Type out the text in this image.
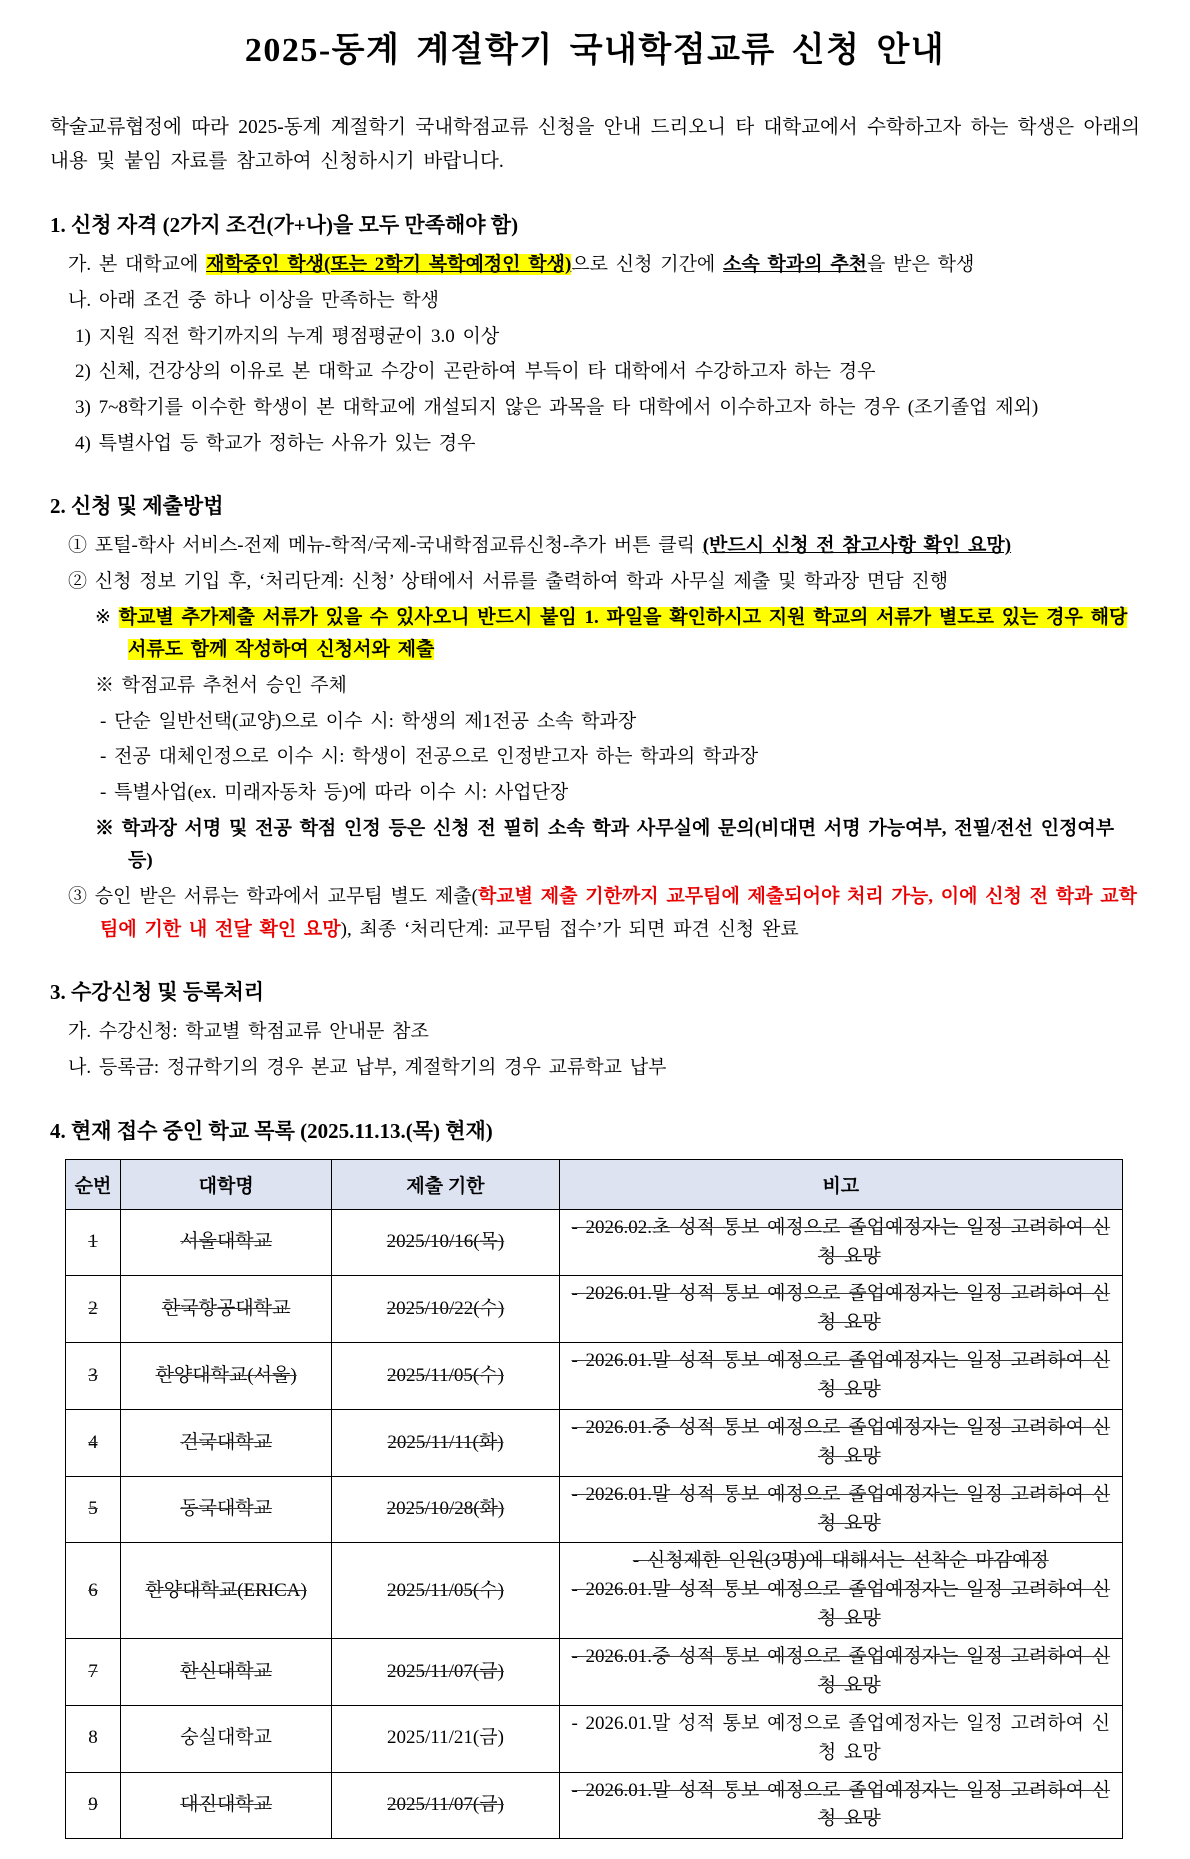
2025-동계 계절학기 국내학점교류 신청 안내

학술교류협정에 따라 2025-동계 계절학기 국내학점교류 신청을 안내 드리오니 타 대학교에서 수학하고자 하는 학생은 아래의 내용 및 붙임 자료를 참고하여 신청하시기 바랍니다.

1. 신청 자격 (2가지 조건(가+나)을 모두 만족해야 함)

가. 본 대학교에 재학중인 학생(또는 2학기 복학예정인 학생)으로 신청 기간에 소속 학과의 추천을 받은 학생

나. 아래 조건 중 하나 이상을 만족하는 학생

1) 지원 직전 학기까지의 누계 평점평균이 3.0 이상

2) 신체, 건강상의 이유로 본 대학교 수강이 곤란하여 부득이 타 대학에서 수강하고자 하는 경우

3) 7~8학기를 이수한 학생이 본 대학교에 개설되지 않은 과목을 타 대학에서 이수하고자 하는 경우 (조기졸업 제외)

4) 특별사업 등 학교가 정하는 사유가 있는 경우

2. 신청 및 제출방법

① 포털-학사 서비스-전제 메뉴-학적/국제-국내학점교류신청-추가 버튼 클릭 (반드시 신청 전 참고사항 확인 요망)

② 신청 정보 기입 후, ‘처리단계: 신청’ 상태에서 서류를 출력하여 학과 사무실 제출 및 학과장 면담 진행

※ 학교별 추가제출 서류가 있을 수 있사오니 반드시 붙임 1. 파일을 확인하시고 지원 학교의 서류가 별도로 있는 경우 해당 서류도 함께 작성하여 신청서와 제출

※ 학점교류 추천서 승인 주체

- 단순 일반선택(교양)으로 이수 시: 학생의 제1전공 소속 학과장

- 전공 대체인정으로 이수 시: 학생이 전공으로 인정받고자 하는 학과의 학과장

- 특별사업(ex. 미래자동차 등)에 따라 이수 시: 사업단장

※ 학과장 서명 및 전공 학점 인정 등은 신청 전 필히 소속 학과 사무실에 문의(비대면 서명 가능여부, 전필/전선 인정여부 등)

③ 승인 받은 서류는 학과에서 교무팀 별도 제출(학교별 제출 기한까지 교무팀에 제출되어야 처리 가능, 이에 신청 전 학과 교학팀에 기한 내 전달 확인 요망), 최종 ‘처리단계: 교무팀 접수’가 되면 파견 신청 완료

3. 수강신청 및 등록처리

가. 수강신청: 학교별 학점교류 안내문 참조

나. 등록금: 정규학기의 경우 본교 납부, 계절학기의 경우 교류학교 납부

4. 현재 접수 중인 학교 목록 (2025.11.13.(목) 현재)
순번	대학명	제출 기한	비고
1	서울대학교	2025/10/16(목)	- 2026.02.초 성적 통보 예정으로 졸업예정자는 일정 고려하여 신청 요망

2	한국항공대학교	2025/10/22(수)	- 2026.01.말 성적 통보 예정으로 졸업예정자는 일정 고려하여 신청 요망

3	한양대학교(서울)	2025/11/05(수)	- 2026.01.말 성적 통보 예정으로 졸업예정자는 일정 고려하여 신청 요망

4	건국대학교	2025/11/11(화)	- 2026.01.중 성적 통보 예정으로 졸업예정자는 일정 고려하여 신청 요망

5	동국대학교	2025/10/28(화)	- 2026.01.말 성적 통보 예정으로 졸업예정자는 일정 고려하여 신청 요망

6	한양대학교(ERICA)	2025/11/05(수)	- 신청제한 인원(3명)에 대해서는 선착순 마감예정
- 2026.01.말 성적 통보 예정으로 졸업예정자는 일정 고려하여 신청 요망

7	한신대학교	2025/11/07(금)	- 2026.01.중 성적 통보 예정으로 졸업예정자는 일정 고려하여 신청 요망

8	숭실대학교	2025/11/21(금)	- 2026.01.말 성적 통보 예정으로 졸업예정자는 일정 고려하여 신청 요망

9	대진대학교	2025/11/07(금)	- 2026.01.말 성적 통보 예정으로 졸업예정자는 일정 고려하여 신청 요망
